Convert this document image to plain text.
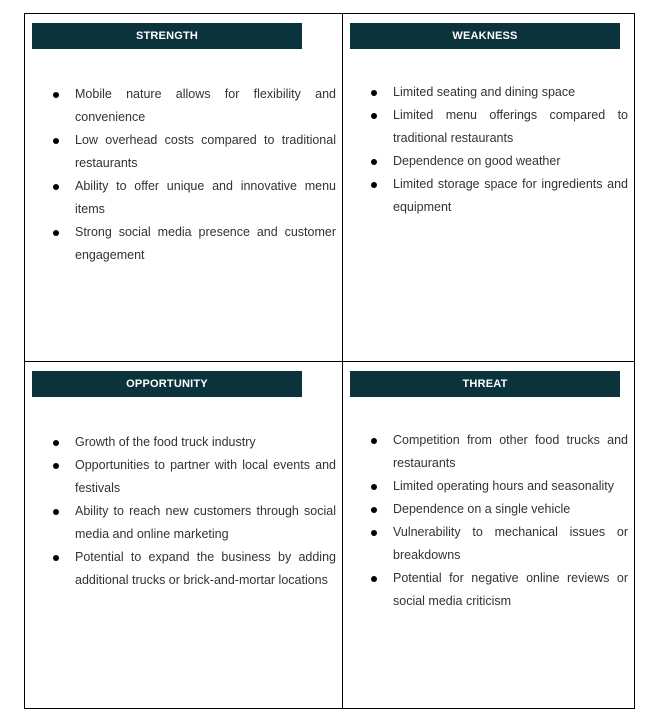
STRENGTH
Mobile nature allows for flexibility and convenience
Low overhead costs compared to traditional restaurants
Ability to offer unique and innovative menu items
Strong social media presence and customer engagement
WEAKNESS
Limited seating and dining space
Limited menu offerings compared to traditional restaurants
Dependence on good weather
Limited storage space for ingredients and equipment
OPPORTUNITY
Growth of the food truck industry
Opportunities to partner with local events and festivals
Ability to reach new customers through social media and online marketing
Potential to expand the business by adding additional trucks or brick-and-mortar locations
THREAT
Competition from other food trucks and restaurants
Limited operating hours and seasonality
Dependence on a single vehicle
Vulnerability to mechanical issues or breakdowns
Potential for negative online reviews or social media criticism
